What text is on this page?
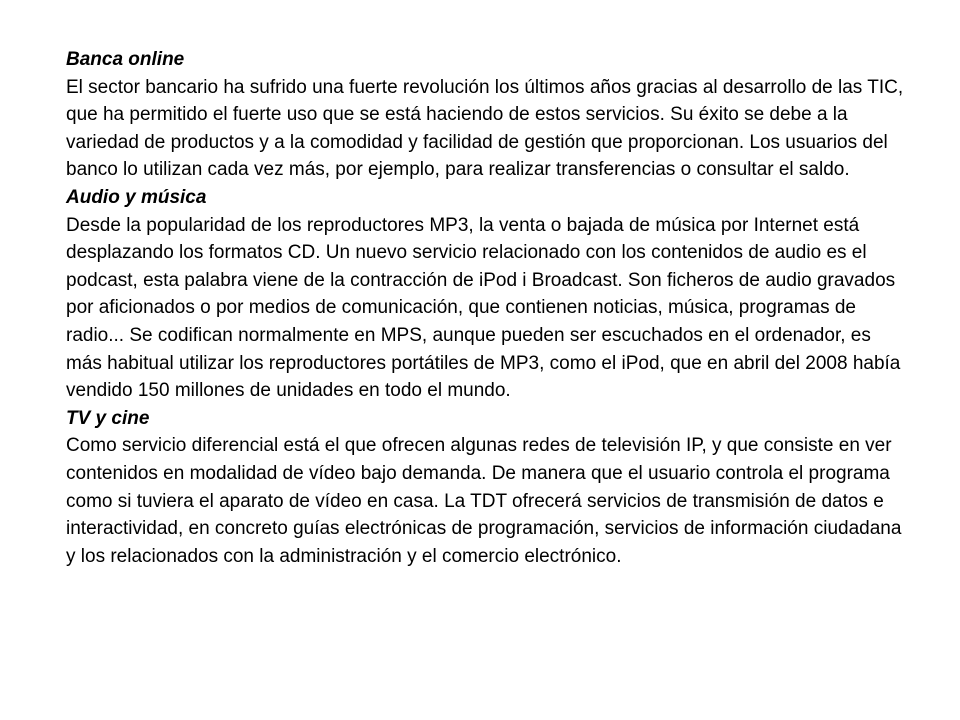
Banca online

El sector bancario ha sufrido una fuerte revolución los últimos años gracias al desarrollo de las TIC, que ha permitido el fuerte uso que se está haciendo de estos servicios. Su éxito se debe a la variedad de productos y a la comodidad y facilidad de gestión que proporcionan. Los usuarios del banco lo utilizan cada vez más, por ejemplo, para realizar transferencias o consultar el saldo.

Audio y música

Desde la popularidad de los reproductores MP3, la venta o bajada de música por Internet está desplazando los formatos CD. Un nuevo servicio relacionado con los contenidos de audio es el podcast, esta palabra viene de la contracción de iPod i Broadcast. Son ficheros de audio gravados por aficionados o por medios de comunicación, que contienen noticias, música, programas de radio... Se codifican normalmente en MPS, aunque pueden ser escuchados en el ordenador, es más habitual utilizar los reproductores portátiles de MP3, como el iPod, que en abril del 2008 había vendido 150 millones de unidades en todo el mundo.

TV y cine

Como servicio diferencial está el que ofrecen algunas redes de televisión IP, y que consiste en ver contenidos en modalidad de vídeo bajo demanda. De manera que el usuario controla el programa como si tuviera el aparato de vídeo en casa. La TDT ofrecerá servicios de transmisión de datos e interactividad, en concreto guías electrónicas de programación, servicios de información ciudadana y los relacionados con la administración y el comercio electrónico.
